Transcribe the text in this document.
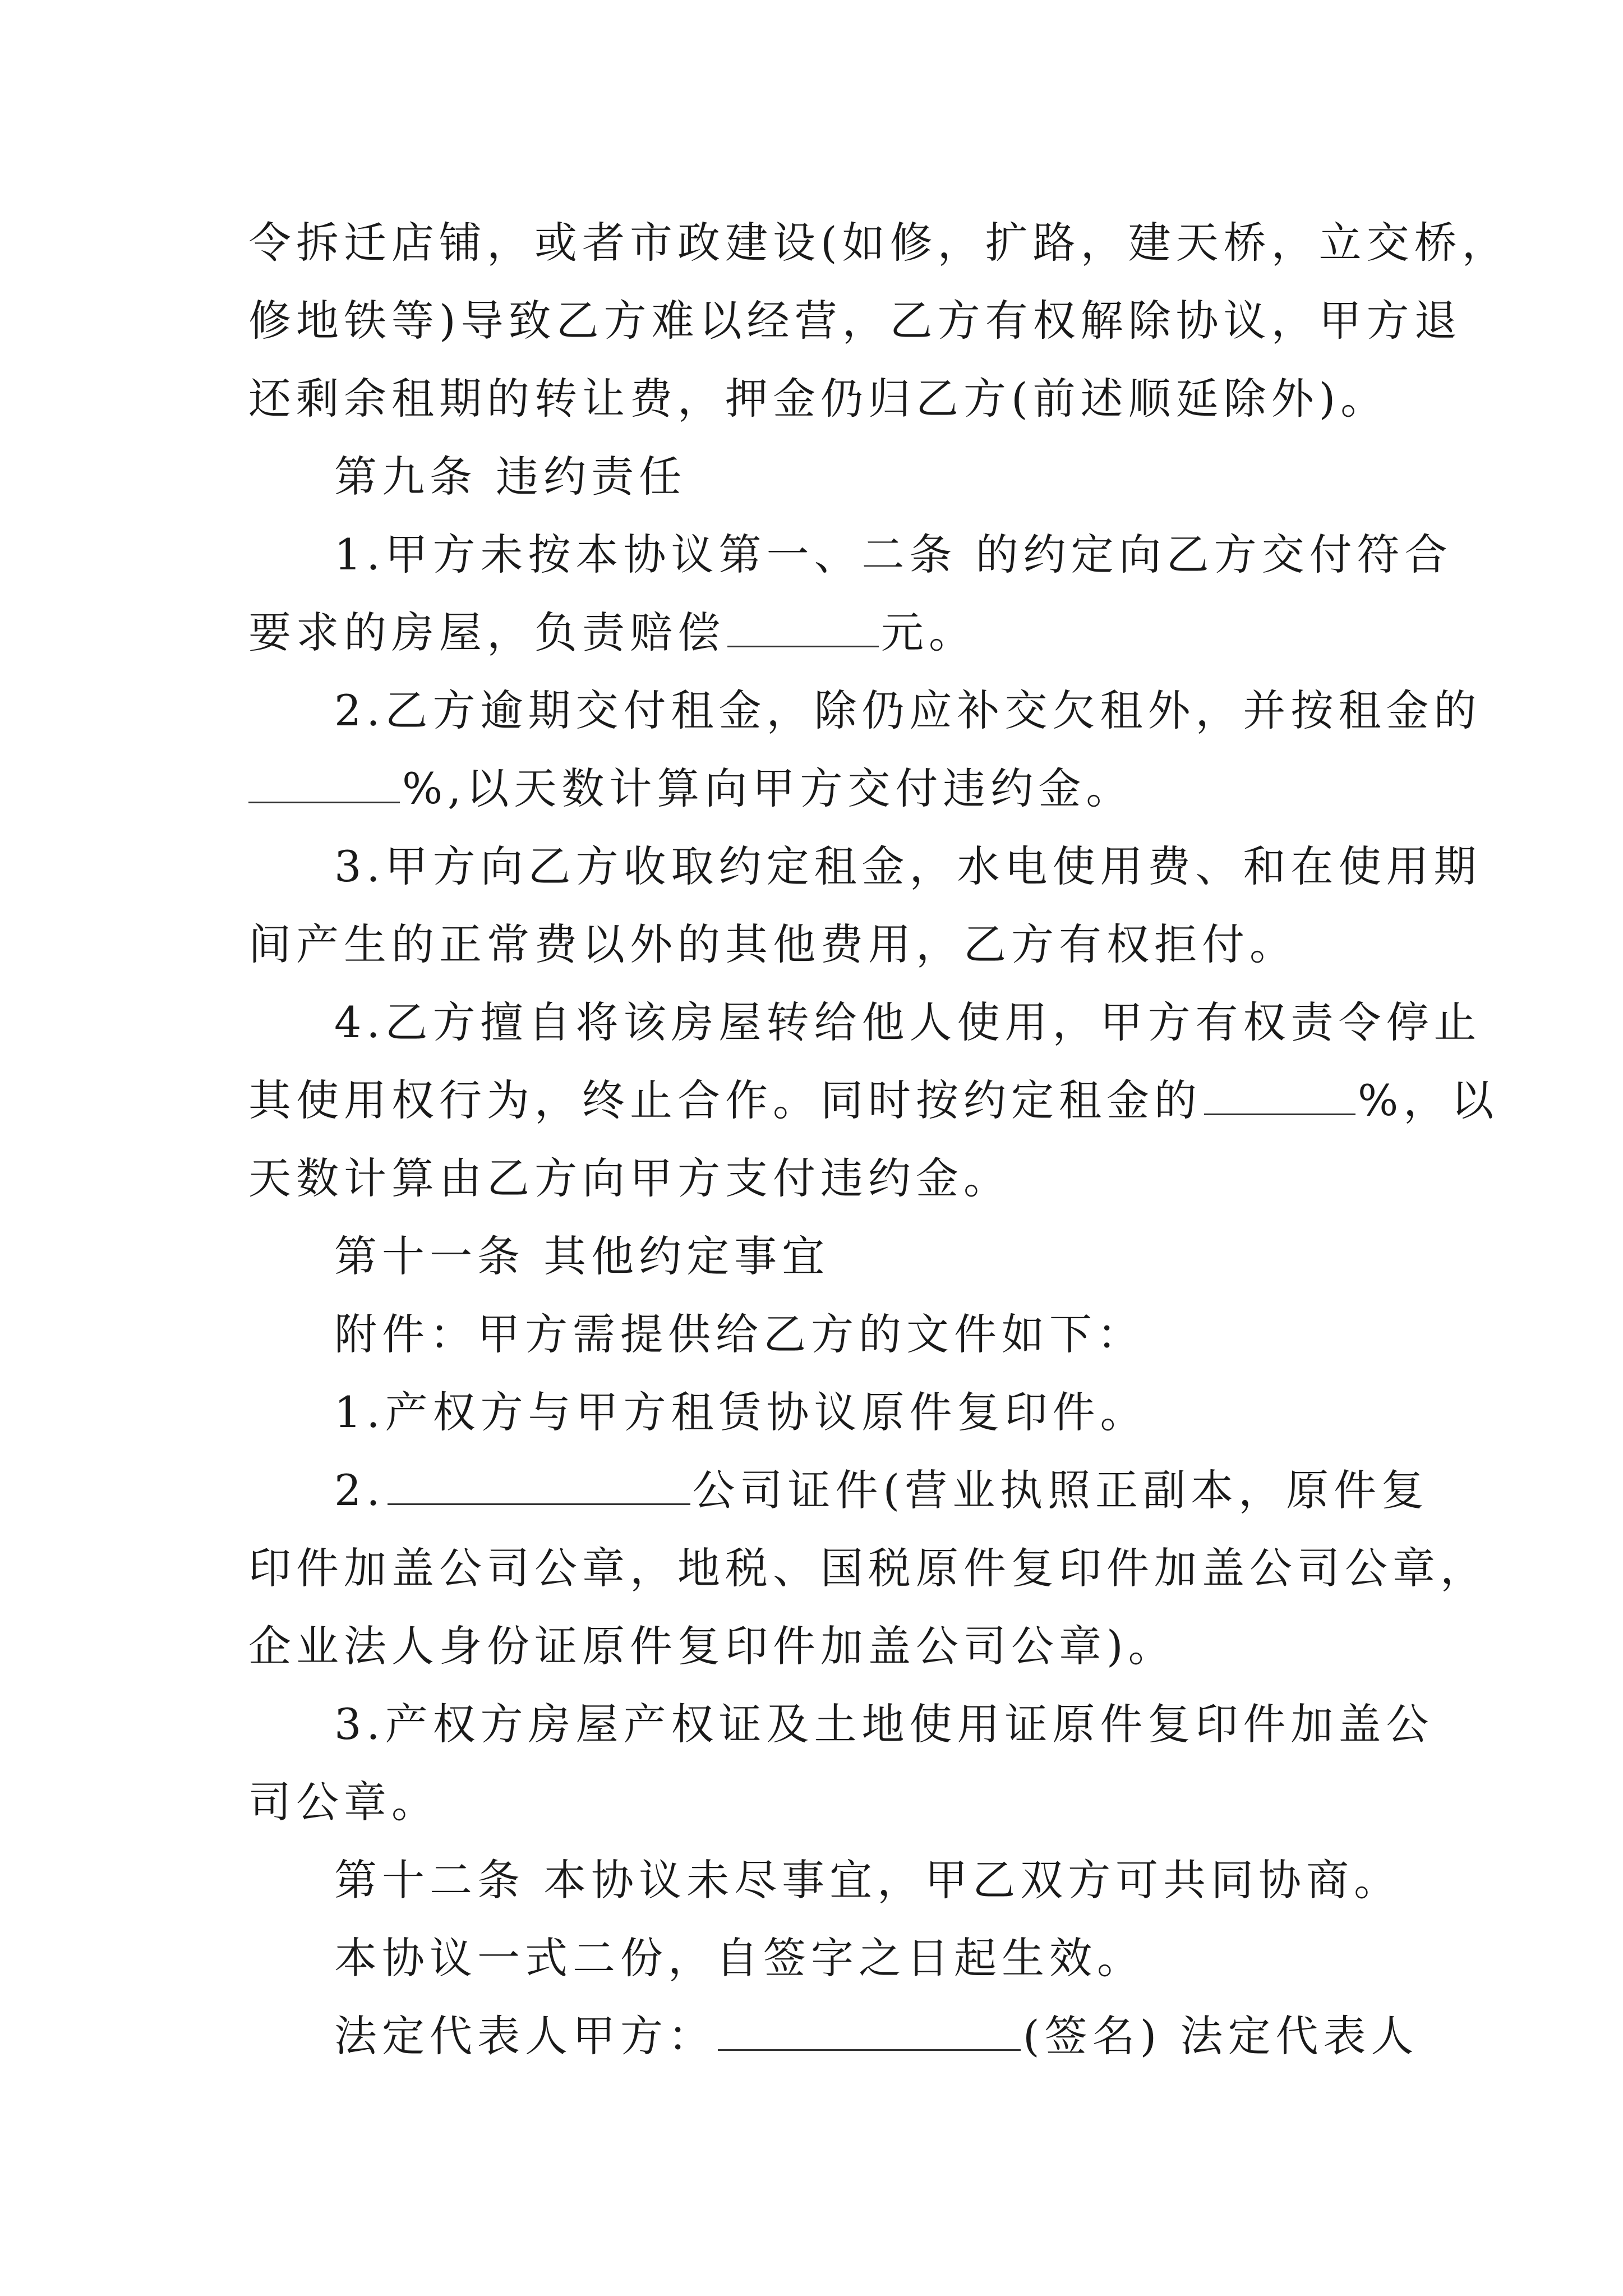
令拆迁店铺，或者市政建设(如修，扩路，建天桥，立交桥，
修地铁等)导致乙方难以经营，乙方有权解除协议，甲方退
还剩余租期的转让费，押金仍归乙方(前述顺延除外)。
第九条 违约责任
1.甲方未按本协议第一、二条 的约定向乙方交付符合
要求的房屋，负责赔偿	元。
2.乙方逾期交付租金，除仍应补交欠租外，并按租金的
%,以天数计算向甲方交付违约金。
3.甲方向乙方收取约定租金，水电使用费、和在使用期
间产生的正常费以外的其他费用，乙方有权拒付。
4.乙方擅自将该房屋转给他人使用，甲方有权责令停止
其使用权行为，终止合作。同时按约定租金的	%，以
天数计算由乙方向甲方支付违约金。
第十一条 其他约定事宜
附件：甲方需提供给乙方的文件如下：
1.产权方与甲方租赁协议原件复印件。
2.	公司证件(营业执照正副本，原件复
印件加盖公司公章，地税、国税原件复印件加盖公司公章，
企业法人身份证原件复印件加盖公司公章)。
3.产权方房屋产权证及土地使用证原件复印件加盖公
司公章。
第十二条 本协议未尽事宜，甲乙双方可共同协商。
本协议一式二份，自签字之日起生效。
法定代表人甲方：	(签名) 法定代表人
